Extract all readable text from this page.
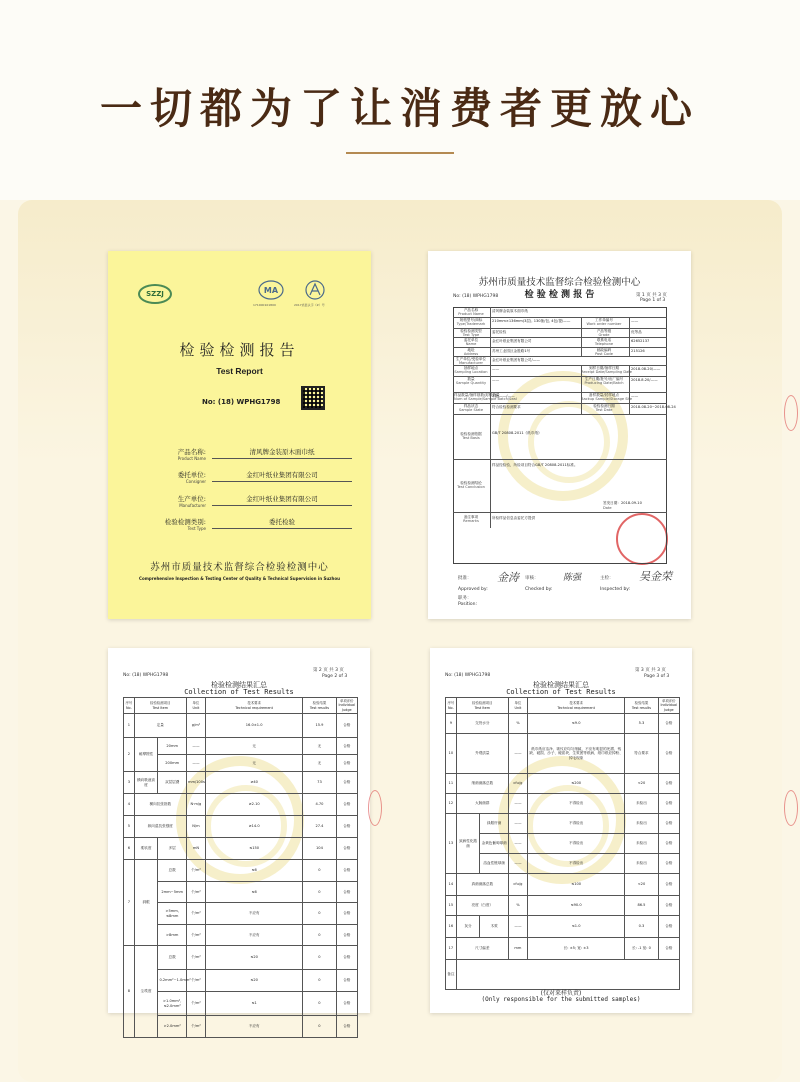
一切都为了让消费者更放心
SZZJ	MA
171000101800	2017质监认字（Z）号
检验检测报告
Test Report
No: (18) WPHG1798
产品名称:
Product Name
清风牌金装原木面巾纸
委托单位:
Consigner
金红叶纸业集团有限公司
生产单位:
Manufacturer
金红叶纸业集团有限公司
检验检测类别:
Test Type
委托检验
苏州市质量技术监督综合检验检测中心
Comprehensive Inspection & Testing Center of Quality & Technical Supervision in Suzhou
苏州市质量技术监督综合检验检测中心
检 验 检 测 报 告
No: (18) WPHG1798	第 1 页 共 3 页
Page 1 of 3
金涛	陈强	吴金荣
批准：	审核：	主检：
Approved by:	Checked by:	Inspected by:
职务：
Position:
产品名称
Product Name
清风牌金装原木面巾纸
规格型号/商标
Type/Trademark
210mm×136mm(3层), 130抽/包, 4包/提/——	工作单编号
Work order number
——
检验检测类型
Test Type
委托检验	产品等级
Grade
优等品
委托单位
Name
金红叶纸业集团有限公司	联系电话
Telephone
62652137
地址
Address
苏州工业园区金胜路1号	邮政编码
Post Code
215126
生产单位/受检单位
Manufacturer
金红叶纸业集团有限公司/——
抽样地点
Sampling Location
——	到样日期/抽样日期
Receipt Date/Sampling Date
2018-08-20/——
数量
Sample Quantity
——	生产日期/批号/出厂编号
Producing Date/Batch
2018.8.20/——
样品数量/抽样基数/封样数量
Num of Sample/Sample Batch/Seal
2提/——/——	备样数量/封样地点
Backup Sample/Storage Site
——
样品状态
Sample State
符合检验检测要求	检验检测日期
Test Date
2018-08-20~2018-08-24
检验检测依据
Test Basis
GB/T 20808-2011《纸巾纸》
检验检测结论
Test Conclusion
样品经检验，所检项目符合GB/T 20808-2011标准。
签发日期：
Date
2018-09-10
备注事项
Remarks
所检样品信息由委托方提供
No: (18) WPHG1798
第 2 页 共 3 页
Page 2 of 3
检验检测结果汇总
Collection of Test Results
序号
No.	检验检测项目
Test Item		单位
Unit	技术要求
Technical requirement	检验结果
Test results	单项评价
Individual Judge
1	定量		g/m²	16.0±1.0	15.9	合格
2	耐摩擦性	20mm	——	无	无	合格
		200mm	——	无	无	合格
3	横向吸液高度	双层层叠	mm/100s	≥40	73	合格
4	横向抗张指数		N·m/g	≥2.10	4.70	合格
5	纵向湿抗张强度		N/m	≥14.0	27.4	合格
6	柔软度	多层	mN	≤150	104	合格
7	洞眼	总数	个/m²	≤6	0	合格
		2mm~5mm	个/m²	≤6	0	合格
		>5mm, ≤8mm	个/m²	不应有	0	合格
		>8mm	个/m²	不应有	0	合格
8	尘埃度	总数	个/m²	≤20	0	合格
		0.2mm²~1.0mm²	个/m²	≤20	0	合格
		>1.0mm², ≤2.0mm²	个/m²	≤1	0	合格
		>2.0mm²	个/m²	不应有	0	合格
No: (18) WPHG1798
第 3 页 共 3 页
Page 3 of 3
检验检测结果汇总
Collection of Test Results
序号
No.	检验检测项目
Test Item		单位
Unit	技术要求
Technical requirement	检验结果
Test results	单项评价
Individual Judge
9	交货水分		%	≤9.0	5.3	合格
10	外观质量		——	纸巾纸应洁净，皱纹应均匀细腻，不应有明显的死褶、残缺、破损、沙子、硬质块、生浆团等纸病，纸巾纸应掉粉、掉毛现象	符合要求	合格
11	细菌菌落总数		cfu/g	≤200	<20	合格
12	大肠菌群		——	不得检出	未检出	合格
13	致病性化脓菌	绿脓杆菌	——	不得检出	未检出	合格
		金黄色葡萄球菌	——	不得检出	未检出	合格
		溶血性链球菌	——	不得检出	未检出	合格
14	真菌菌落总数		cfu/g	≤100	<20	合格
15	亮度（白度）		%	≤90.0	86.5	合格
16	灰分	木浆	——	≤1.0	0.3	合格
17	尺寸偏差		mm	长: ±5; 宽: ±3	长: -1 宽: 0	合格
备注						
(仅对来样负责)
(Only responsible for the submitted samples)
